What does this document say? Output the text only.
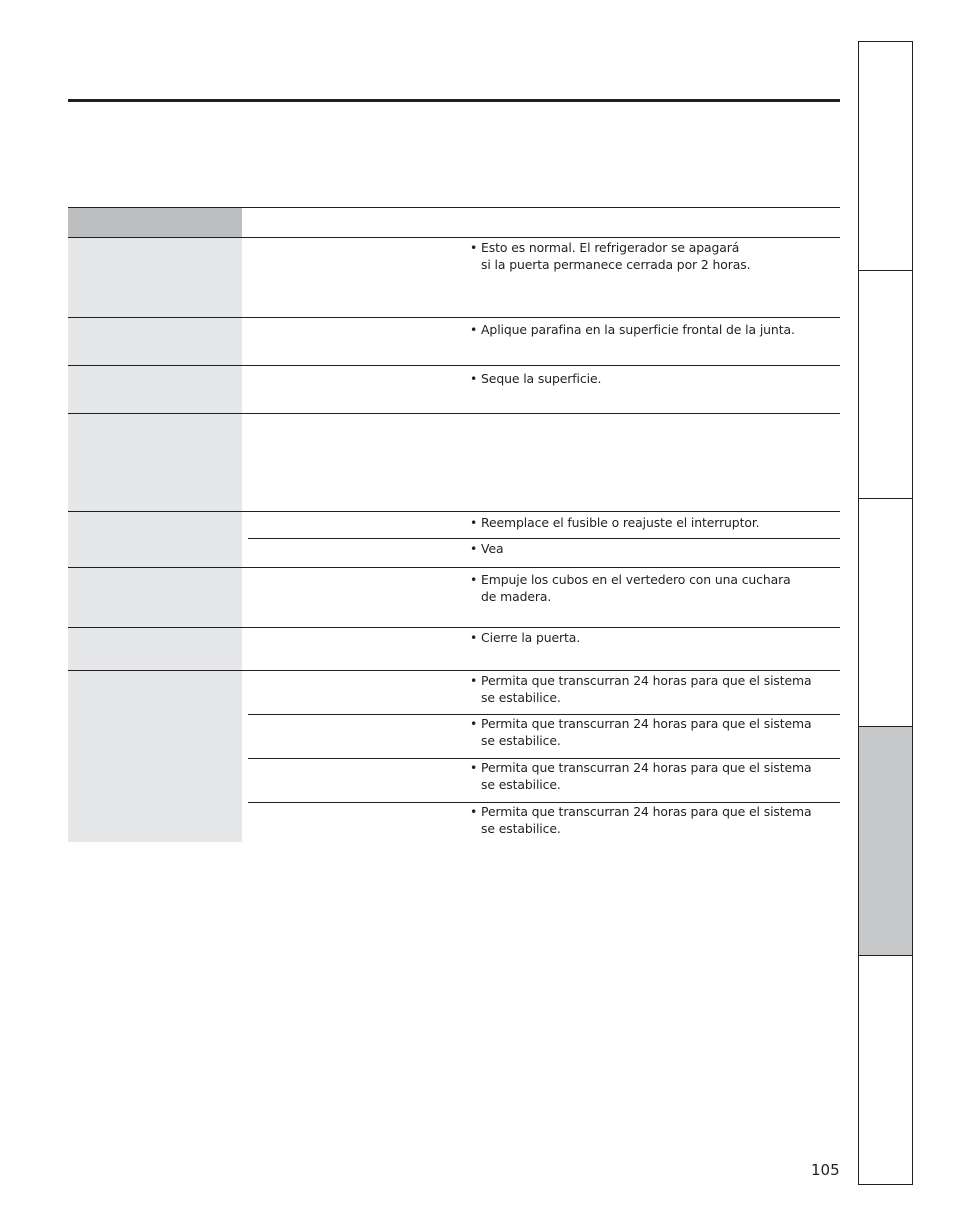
• Esto es normal. El refrigerador se apagará
si la puerta permanece cerrada por 2 horas.
• Aplique parafina en la superficie frontal de la junta.
• Seque la superficie.
• Reemplace el fusible o reajuste el interruptor.
• Vea
• Empuje los cubos en el vertedero con una cuchara
de madera.
• Cierre la puerta.
• Permita que transcurran 24 horas para que el sistema
se estabilice.
• Permita que transcurran 24 horas para que el sistema
se estabilice.
• Permita que transcurran 24 horas para que el sistema
se estabilice.
• Permita que transcurran 24 horas para que el sistema
se estabilice.
105
